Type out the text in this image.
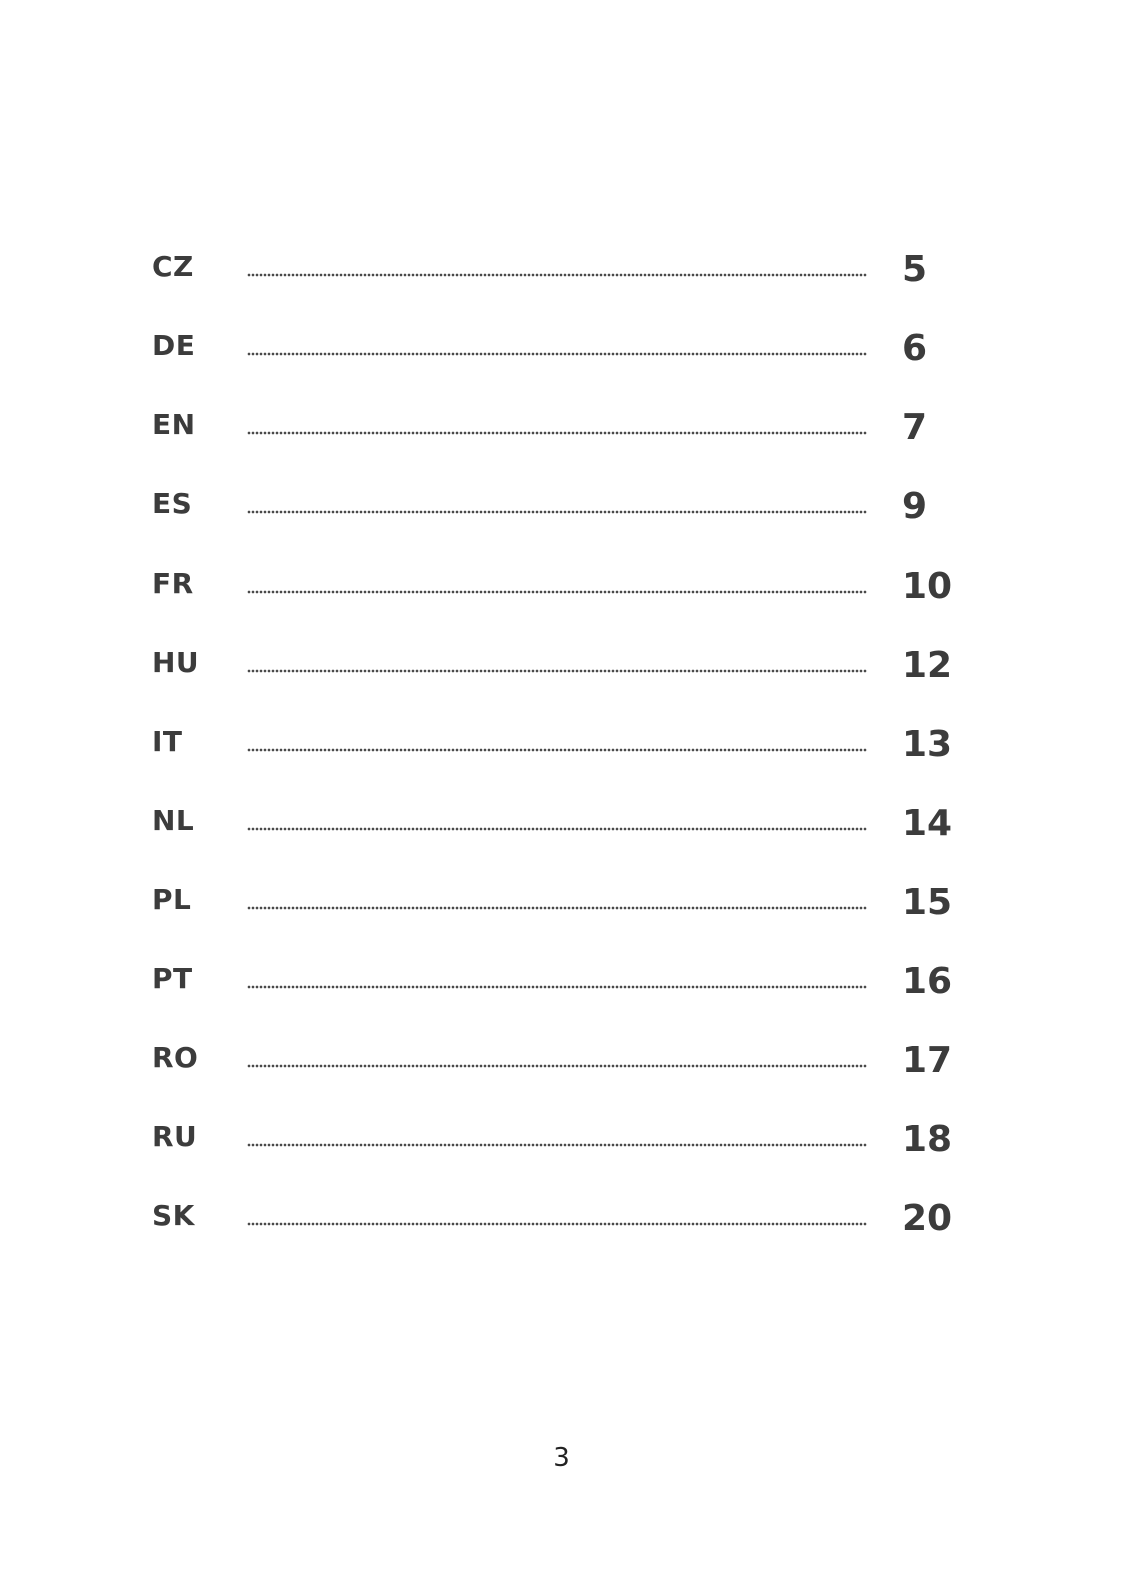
CZ	5
DE	6
EN	7
ES	9
FR	10
HU	12
IT	13
NL	14
PL	15
PT	16
RO	17
RU	18
SK	20
3
